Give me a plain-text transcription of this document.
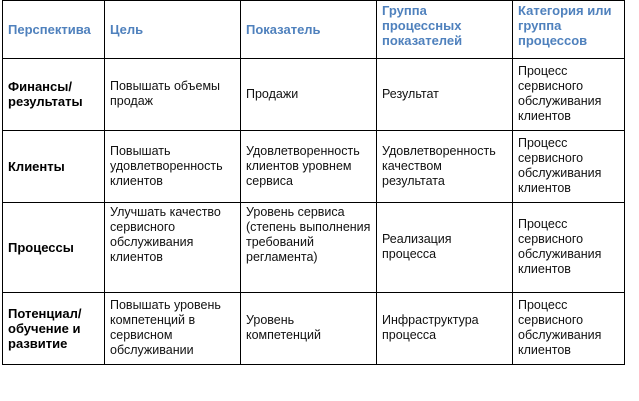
Перспектива	Цель	Показатель	Группа процессных показателей	Категория или группа процессов
Финансы/ результаты	Повышать объемы продаж	Продажи	Результат	Процесс сервисного обслуживания клиентов
Клиенты	Повышать удовлетворенность клиентов	Удовлетворенность клиентов уровнем сервиса	Удовлетворенность качеством результата	Процесс сервисного обслуживания клиентов
Процессы	Улучшать качество сервисного обслуживания клиентов	Уровень сервиса (степень выполнения требований регламента)	Реализация процесса	Процесс сервисного обслуживания клиентов
Потенциал/ обучение и развитие	Повышать уровень компетенций в сервисном обслуживании	Уровень компетенций	Инфраструктура процесса	Процесс сервисного обслуживания клиентов
